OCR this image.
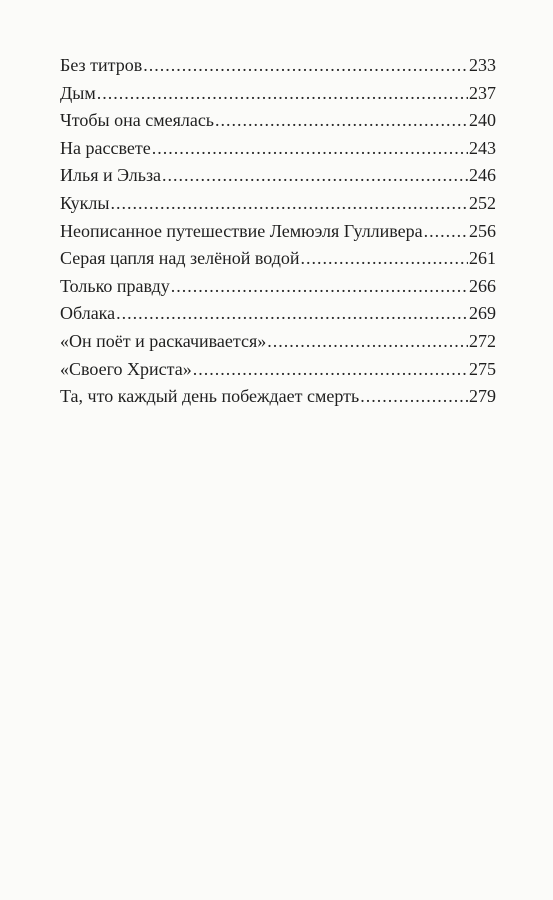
Без титров .....	233
Дым .....	237
Чтобы она смеялась .....	240
На рассвете .....	243
Илья и Эльза .....	246
Куклы .....	252
Неописанное путешествие Лемюэля Гулливера .....	256
Серая цапля над зелёной водой .....	261
Только правду .....	266
Облака .....	269
«Он поёт и раскачивается» .....	272
«Своего Христа» .....	275
Та, что каждый день побеждает смерть .....	279
